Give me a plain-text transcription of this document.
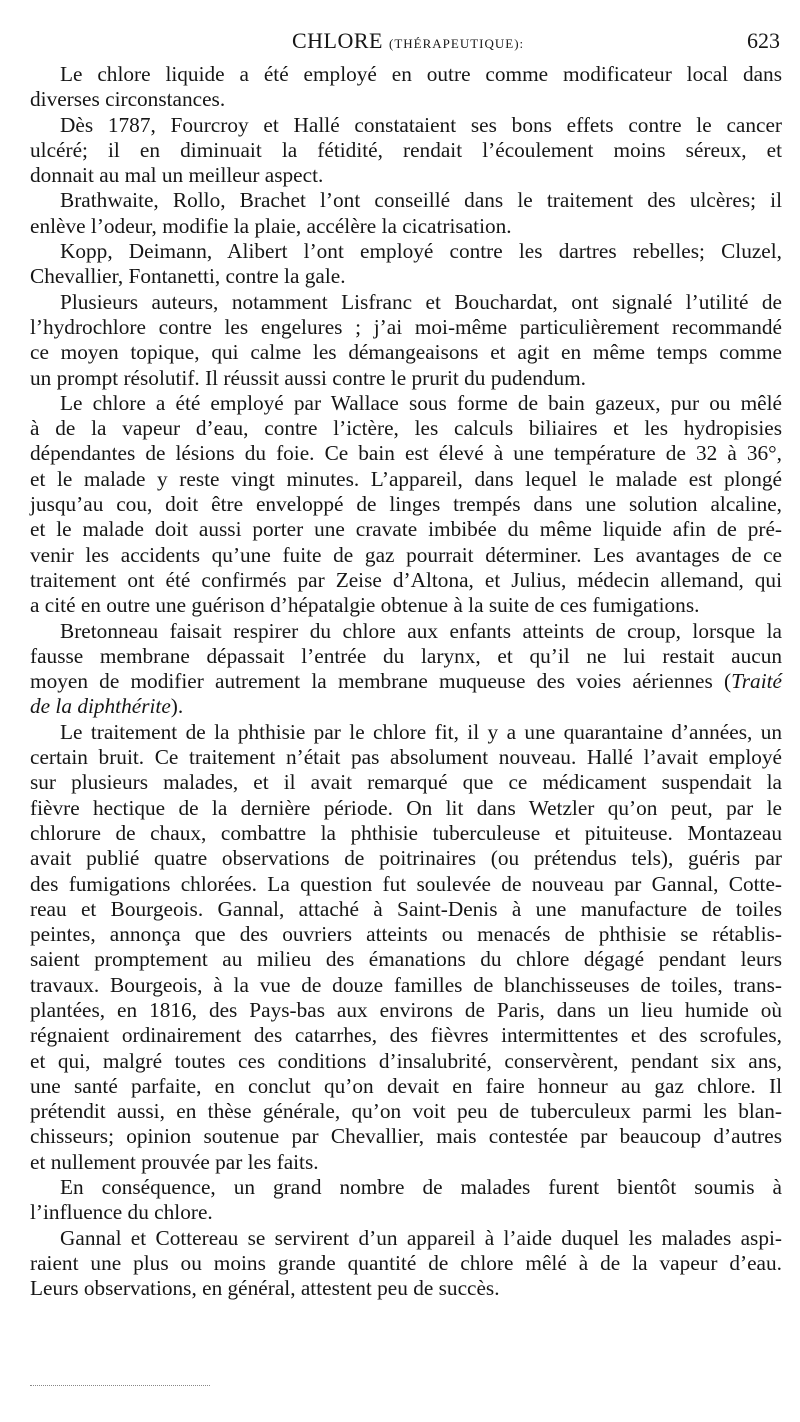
CHLORE (THÉRAPEUTIQUE):	623

Le chlore liquide a été employé en outre comme modificateur local dans
diverses circonstances.

Dès 1787, Fourcroy et Hallé constataient ses bons effets contre le cancer
ulcéré; il en diminuait la fétidité, rendait l’écoulement moins séreux, et
donnait au mal un meilleur aspect.

Brathwaite, Rollo, Brachet l’ont conseillé dans le traitement des ulcères; il
enlève l’odeur, modifie la plaie, accélère la cicatrisation.

Kopp, Deimann, Alibert l’ont employé contre les dartres rebelles; Cluzel,
Chevallier, Fontanetti, contre la gale.

Plusieurs auteurs, notamment Lisfranc et Bouchardat, ont signalé l’utilité de
l’hydrochlore contre les engelures ; j’ai moi-même particulièrement recommandé
ce moyen topique, qui calme les démangeaisons et agit en même temps comme
un prompt résolutif. Il réussit aussi contre le prurit du pudendum.

Le chlore a été employé par Wallace sous forme de bain gazeux, pur ou mêlé
à de la vapeur d’eau, contre l’ictère, les calculs biliaires et les hydropisies
dépendantes de lésions du foie. Ce bain est élevé à une température de 32 à 36°,
et le malade y reste vingt minutes. L’appareil, dans lequel le malade est plongé
jusqu’au cou, doit être enveloppé de linges trempés dans une solution alcaline,
et le malade doit aussi porter une cravate imbibée du même liquide afin de pré-
venir les accidents qu’une fuite de gaz pourrait déterminer. Les avantages de ce
traitement ont été confirmés par Zeise d’Altona, et Julius, médecin allemand, qui
a cité en outre une guérison d’hépatalgie obtenue à la suite de ces fumigations.

Bretonneau faisait respirer du chlore aux enfants atteints de croup, lorsque la
fausse membrane dépassait l’entrée du larynx, et qu’il ne lui restait aucun
moyen de modifier autrement la membrane muqueuse des voies aériennes (Traité
de la diphthérite).

Le traitement de la phthisie par le chlore fit, il y a une quarantaine d’années, un
certain bruit. Ce traitement n’était pas absolument nouveau. Hallé l’avait employé
sur plusieurs malades, et il avait remarqué que ce médicament suspendait la
fièvre hectique de la dernière période. On lit dans Wetzler qu’on peut, par le
chlorure de chaux, combattre la phthisie tuberculeuse et pituiteuse. Montazeau
avait publié quatre observations de poitrinaires (ou prétendus tels), guéris par
des fumigations chlorées. La question fut soulevée de nouveau par Gannal, Cotte-
reau et Bourgeois. Gannal, attaché à Saint-Denis à une manufacture de toiles
peintes, annonça que des ouvriers atteints ou menacés de phthisie se rétablis-
saient promptement au milieu des émanations du chlore dégagé pendant leurs
travaux. Bourgeois, à la vue de douze familles de blanchisseuses de toiles, trans-
plantées, en 1816, des Pays-bas aux environs de Paris, dans un lieu humide où
régnaient ordinairement des catarrhes, des fièvres intermittentes et des scrofules,
et qui, malgré toutes ces conditions d’insalubrité, conservèrent, pendant six ans,
une santé parfaite, en conclut qu’on devait en faire honneur au gaz chlore. Il
prétendit aussi, en thèse générale, qu’on voit peu de tuberculeux parmi les blan-
chisseurs; opinion soutenue par Chevallier, mais contestée par beaucoup d’autres
et nullement prouvée par les faits.

En conséquence, un grand nombre de malades furent bientôt soumis à
l’influence du chlore.

Gannal et Cottereau se servirent d’un appareil à l’aide duquel les malades aspi-
raient une plus ou moins grande quantité de chlore mêlé à de la vapeur d’eau.
Leurs observations, en général, attestent peu de succès.
